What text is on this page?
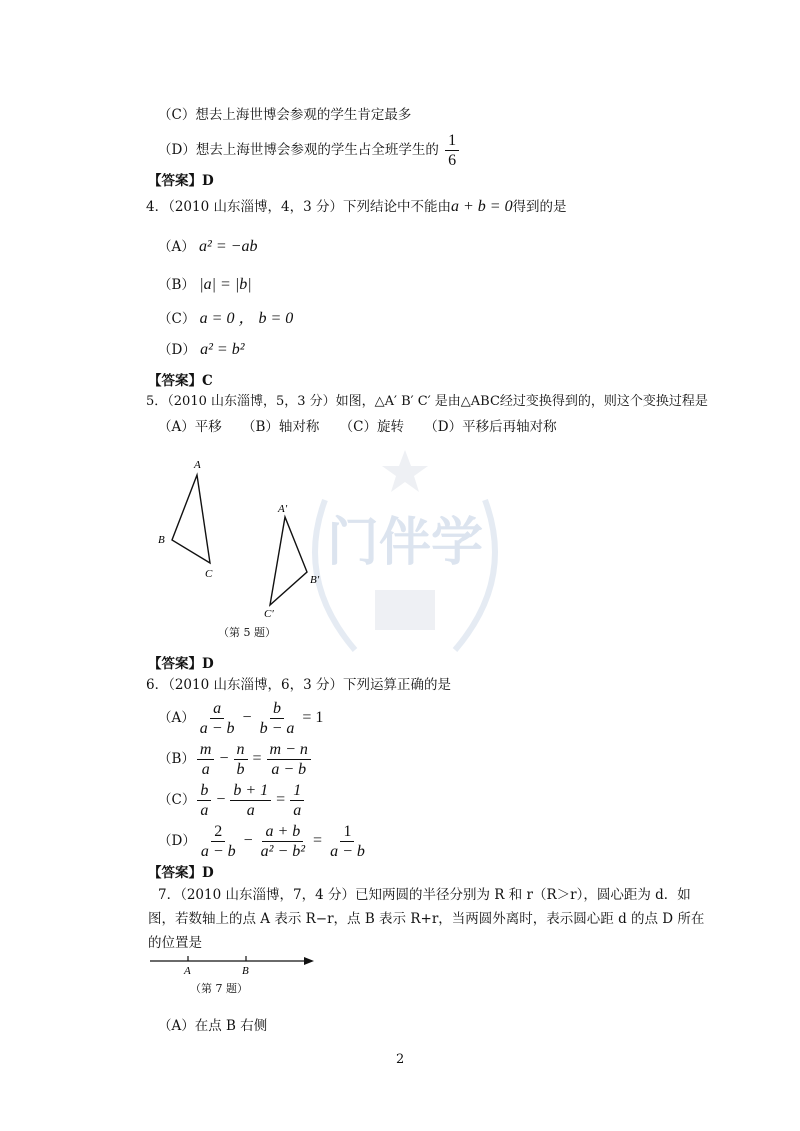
门伴学
（C）想去上海世博会参观的学生肯定最多
（D）想去上海世博会参观的学生占全班学生的 $\frac{1}{6}$
【答案】D
4．（2010 山东淄博，4，3 分）下列结论中不能由a + b = 0得到的是
（A） a² = −ab
（B） |a| = |b|
（C） a = 0 ， b = 0
（D） a² = b²
【答案】C
5．（2010 山东淄博，5，3 分）如图，△A′ B′ C′ 是由△ABC经过变换得到的，则这个变换过程是
（A）平移　　（B）轴对称　　（C）旋转　　（D）平移后再轴对称
A
B
C
A′
B′
C′
（第 5 题）
【答案】D
6．（2010 山东淄博，6，3 分）下列运算正确的是
$(A) \frac{a}{a - b} - \frac{b}{b - a} = 1$
$(B) \frac{m}{a} - \frac{n}{b} = \frac{m - n}{a - b}$
$(C) \frac{b}{a} - \frac{b + 1}{a} = \frac{1}{a}$
$(D) \frac{2}{a - b} - \frac{a + b}{\text{a² − b²}} = \frac{1}{a - b}$
【答案】D
7．（2010 山东淄博，7，4 分）已知两圆的半径分别为 R 和 r（R＞r），圆心距为 d．如
图，若数轴上的点 A 表示 R−r，点 B 表示 R+r，当两圆外离时，表示圆心距 d 的点 D 所在
的位置是
A	B
（第 7 题）
（A）在点 B 右侧
2
